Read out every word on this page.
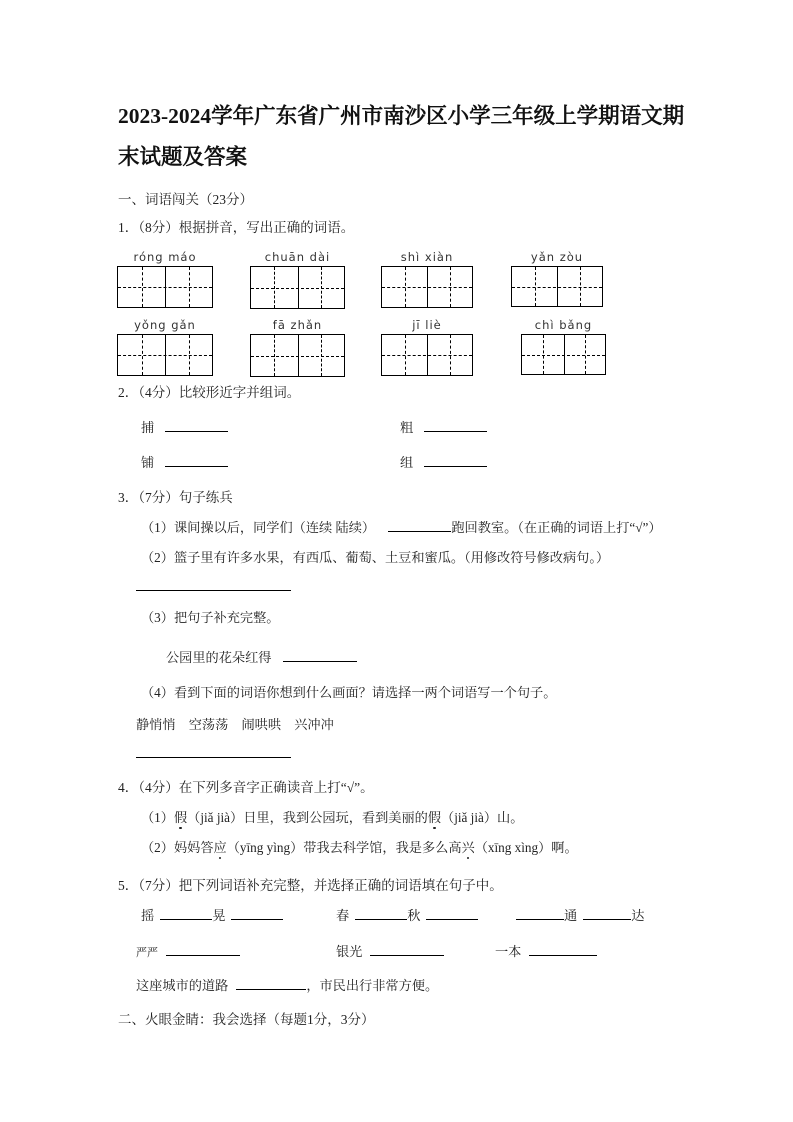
2023-2024学年广东省广州市南沙区小学三年级上学期语文期末试题及答案
一、词语闯关（23分）
1．（8分）根据拼音，写出正确的词语。
róng máo	chuān dài	shì xiàn	yǎn zòu
yǒng gǎn	fā zhǎn	jī liè	chì bǎng
2．（4分）比较形近字并组词。
捕	粗
铺	组
3．（7分）句子练兵
（1）课间操以后，同学们（连续 陆续）	跑回教室。（在正确的词语上打“√”）
（2）篮子里有许多水果，有西瓜、葡萄、土豆和蜜瓜。（用修改符号修改病句。）
（3）把句子补充完整。
公园里的花朵红得
（4）看到下面的词语你想到什么画面？请选择一两个词语写一个句子。
静悄悄　空荡荡　闹哄哄　兴冲冲
4．（4分）在下列多音字正确读音上打“√”。
（1）假（jiǎ jià）日里，我到公园玩，看到美丽的假（jiǎ jià）山。
（2）妈妈答应（yīng yìng）带我去科学馆，我是多么高兴（xīng xìng）啊。
5．（7分）把下列词语补充完整，并选择正确的词语填在句子中。
摇	晃	春	秋	通	达
严严	银光	一本
这座城市的道路	，市民出行非常方便。
二、火眼金睛：我会选择（每题1分，3分）
